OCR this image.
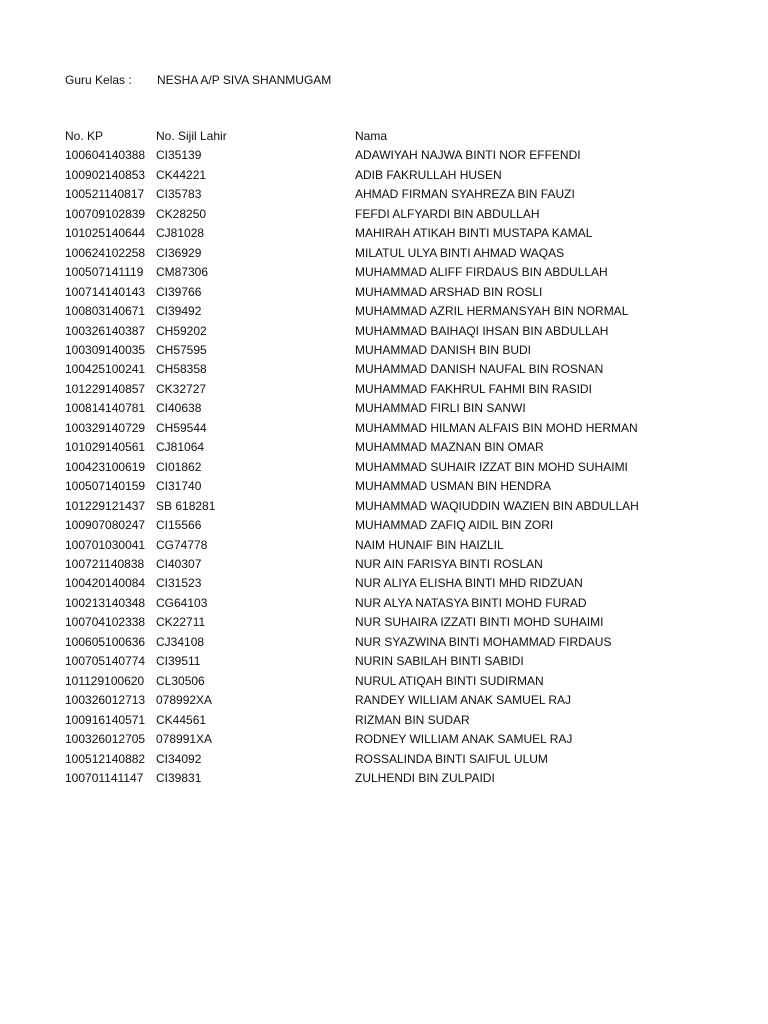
Guru Kelas : NESHA A/P SIVA SHANMUGAM
No. KP	No. Sijil Lahir	Nama
100604140388	CI35139	ADAWIYAH NAJWA BINTI NOR EFFENDI
100902140853	CK44221	ADIB FAKRULLAH HUSEN
100521140817	CI35783	AHMAD FIRMAN SYAHREZA BIN FAUZI
100709102839	CK28250	FEFDI ALFYARDI BIN ABDULLAH
101025140644	CJ81028	MAHIRAH ATIKAH BINTI MUSTAPA KAMAL
100624102258	CI36929	MILATUL ULYA BINTI AHMAD WAQAS
100507141119	CM87306	MUHAMMAD ALIFF FIRDAUS BIN ABDULLAH
100714140143	CI39766	MUHAMMAD ARSHAD BIN ROSLI
100803140671	CI39492	MUHAMMAD AZRIL HERMANSYAH BIN NORMAL
100326140387	CH59202	MUHAMMAD BAIHAQI IHSAN BIN ABDULLAH
100309140035	CH57595	MUHAMMAD DANISH BIN BUDI
100425100241	CH58358	MUHAMMAD DANISH NAUFAL BIN ROSNAN
101229140857	CK32727	MUHAMMAD FAKHRUL FAHMI BIN RASIDI
100814140781	CI40638	MUHAMMAD FIRLI BIN SANWI
100329140729	CH59544	MUHAMMAD HILMAN ALFAIS BIN MOHD HERMAN
101029140561	CJ81064	MUHAMMAD MAZNAN BIN OMAR
100423100619	CI01862	MUHAMMAD SUHAIR IZZAT BIN MOHD SUHAIMI
100507140159	CI31740	MUHAMMAD USMAN BIN HENDRA
101229121437	SB 618281	MUHAMMAD WAQIUDDIN WAZIEN BIN ABDULLAH
100907080247	CI15566	MUHAMMAD ZAFIQ AIDIL BIN ZORI
100701030041	CG74778	NAIM HUNAIF BIN HAIZLIL
100721140838	CI40307	NUR AIN FARISYA BINTI ROSLAN
100420140084	CI31523	NUR ALIYA ELISHA BINTI MHD RIDZUAN
100213140348	CG64103	NUR ALYA NATASYA BINTI MOHD FURAD
100704102338	CK22711	NUR SUHAIRA IZZATI BINTI MOHD SUHAIMI
100605100636	CJ34108	NUR SYAZWINA BINTI MOHAMMAD FIRDAUS
100705140774	CI39511	NURIN SABILAH BINTI SABIDI
101129100620	CL30506	NURUL ATIQAH BINTI SUDIRMAN
100326012713	078992XA	RANDEY WILLIAM ANAK SAMUEL RAJ
100916140571	CK44561	RIZMAN BIN SUDAR
100326012705	078991XA	RODNEY WILLIAM ANAK SAMUEL RAJ
100512140882	CI34092	ROSSALINDA BINTI SAIFUL ULUM
100701141147	CI39831	ZULHENDI BIN ZULPAIDI
